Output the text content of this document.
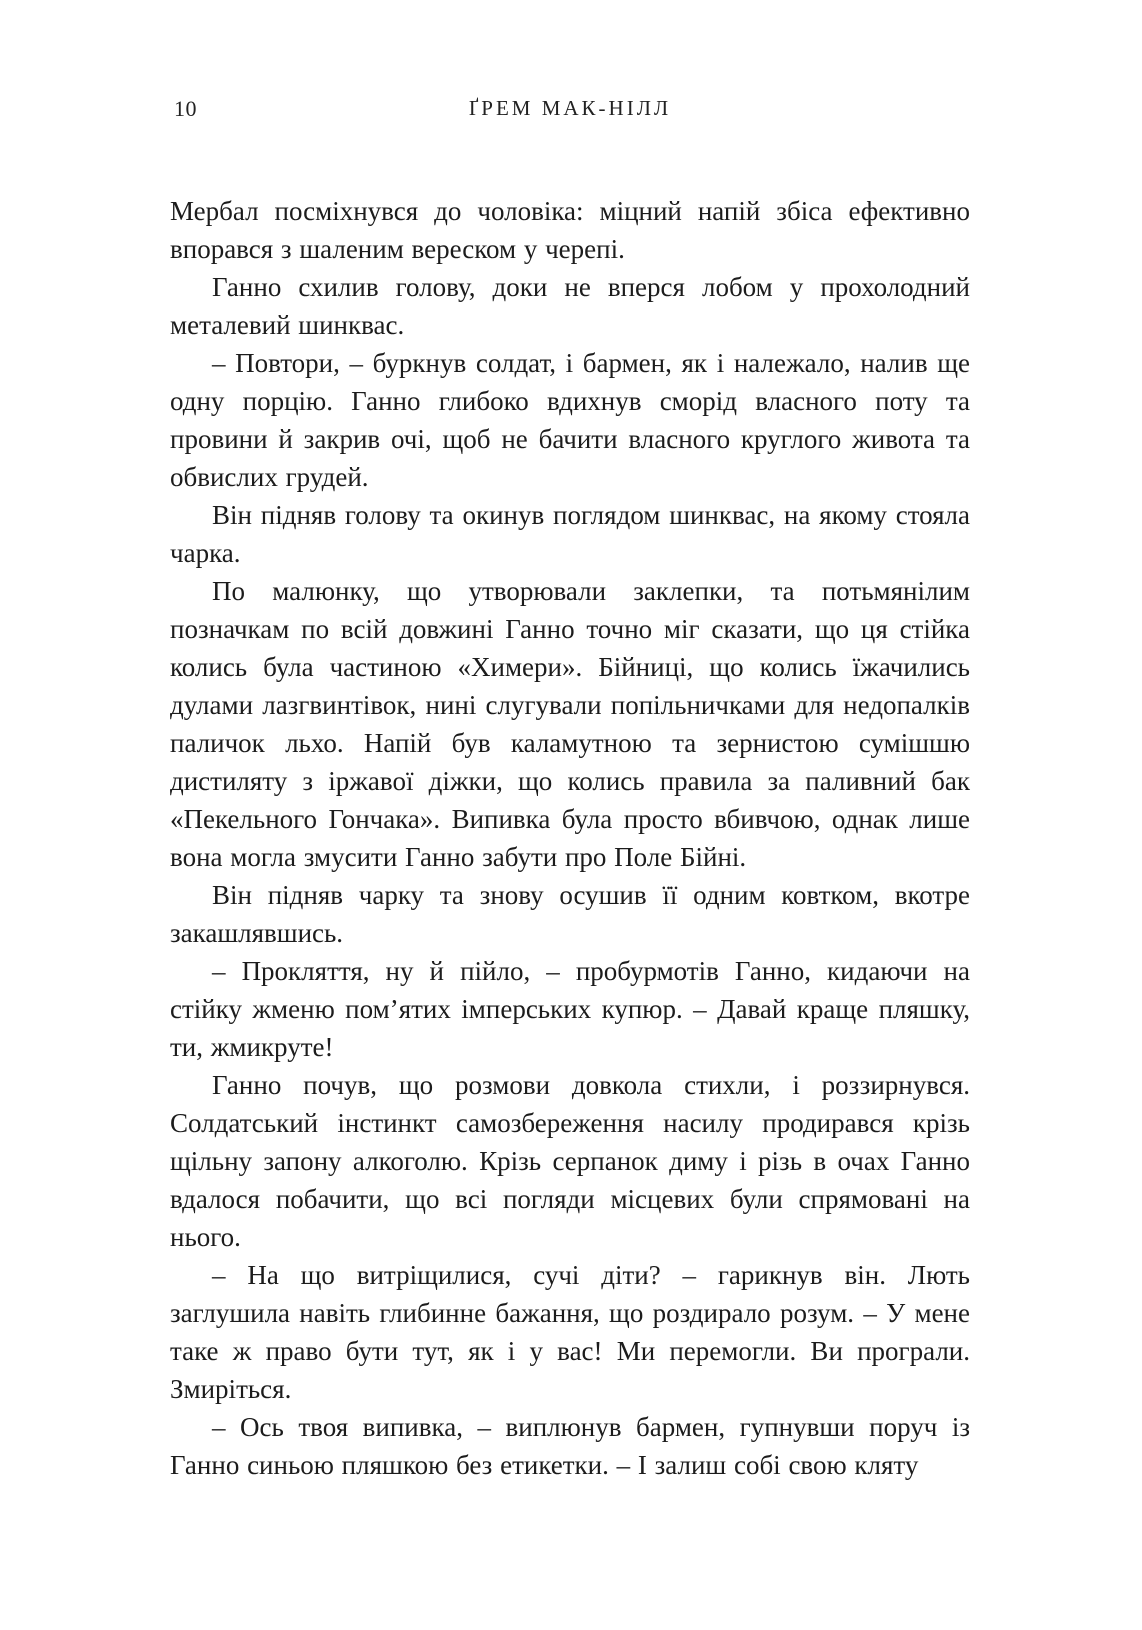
10	ҐРЕМ МАК-НІЛЛ

Мербал посміхнувся до чоловіка: міцний напій збіса ефективно впорався з шаленим вереском у черепі.

Ганно схилив голову, доки не вперся лобом у прохолодний металевий шинквас.

– Повтори, – буркнув солдат, і бармен, як і належало, налив ще одну порцію. Ганно глибоко вдихнув сморід власного поту та провини й закрив очі, щоб не бачити власного круглого живота та обвислих грудей.

Він підняв голову та окинув поглядом шинквас, на якому стояла чарка.

По малюнку, що утворювали заклепки, та потьмянілим позначкам по всій довжині Ганно точно міг сказати, що ця стійка колись була частиною «Химери». Бійниці, що колись їжачились дулами лазгвинтівок, нині слугували попільничками для недопалків паличок льхо. Напій був каламутною та зернистою сумішшю дистиляту з іржавої діжки, що колись правила за паливний бак «Пекельного Гончака». Випивка була просто вбивчою, однак лише вона могла змусити Ганно забути про Поле Бійні.

Він підняв чарку та знову осушив її одним ковтком, вкотре закашлявшись.

– Прокляття, ну й пійло, – пробурмотів Ганно, кидаючи на стійку жменю пом’ятих імперських купюр. – Давай краще пляшку, ти, жмикруте!

Ганно почув, що розмови довкола стихли, і роззирнувся. Солдатський інстинкт самозбереження насилу продирався крізь щільну запону алкоголю. Крізь серпанок диму і різь в очах Ганно вдалося побачити, що всі погляди місцевих були спрямовані на нього.

– На що витріщилися, сучі діти? – гарикнув він. Лють заглушила навіть глибинне бажання, що роздирало розум. – У мене таке ж право бути тут, як і у вас! Ми перемогли. Ви програли. Змиріться.

– Ось твоя випивка, – виплюнув бармен, гупнувши поруч із Ганно синьою пляшкою без етикетки. – І залиш собі свою кляту
